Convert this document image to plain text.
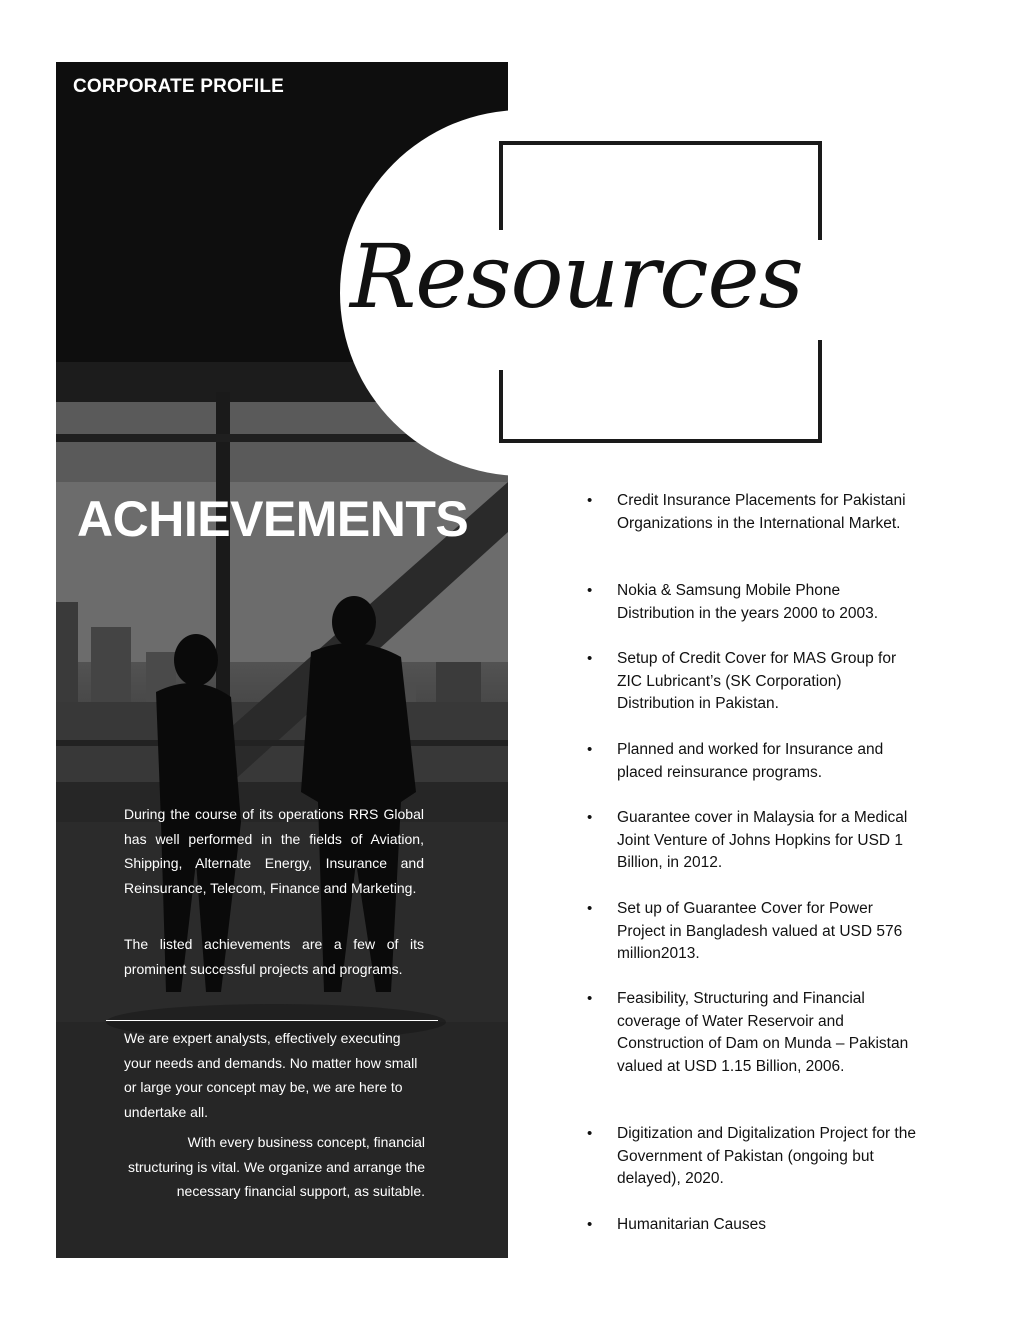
CORPORATE PROFILE
Resources
ACHIEVEMENTS
During the course of its operations RRS Global has well performed in the fields of Aviation, Shipping, Alternate Energy, Insurance and Reinsurance, Telecom, Finance and Marketing.
The listed achievements are a few of its prominent successful projects and programs.
We are expert analysts, effectively executing your needs and demands. No matter how small or large your concept may be, we are here to undertake all.
With every business concept, financial structuring is vital. We organize and arrange the necessary financial support, as suitable.
•	Credit Insurance Placements for Pakistani Organizations in the International Market.
•	Nokia & Samsung Mobile Phone Distribution in the years 2000 to 2003.
•	Setup of Credit Cover for MAS Group for ZIC Lubricant’s (SK Corporation) Distribution in Pakistan.
•	Planned and worked for Insurance and placed reinsurance programs.
•	Guarantee cover in Malaysia for a Medical Joint Venture of Johns Hopkins for USD 1 Billion, in 2012.
•	Set up of Guarantee Cover for Power Project in Bangladesh valued at USD 576 million2013.
•	Feasibility, Structuring and Financial coverage of Water Reservoir and Construction of Dam on Munda – Pakistan valued at USD 1.15 Billion, 2006.
•	Digitization and Digitalization Project for the Government of Pakistan (ongoing but delayed), 2020.
•	Humanitarian Causes
